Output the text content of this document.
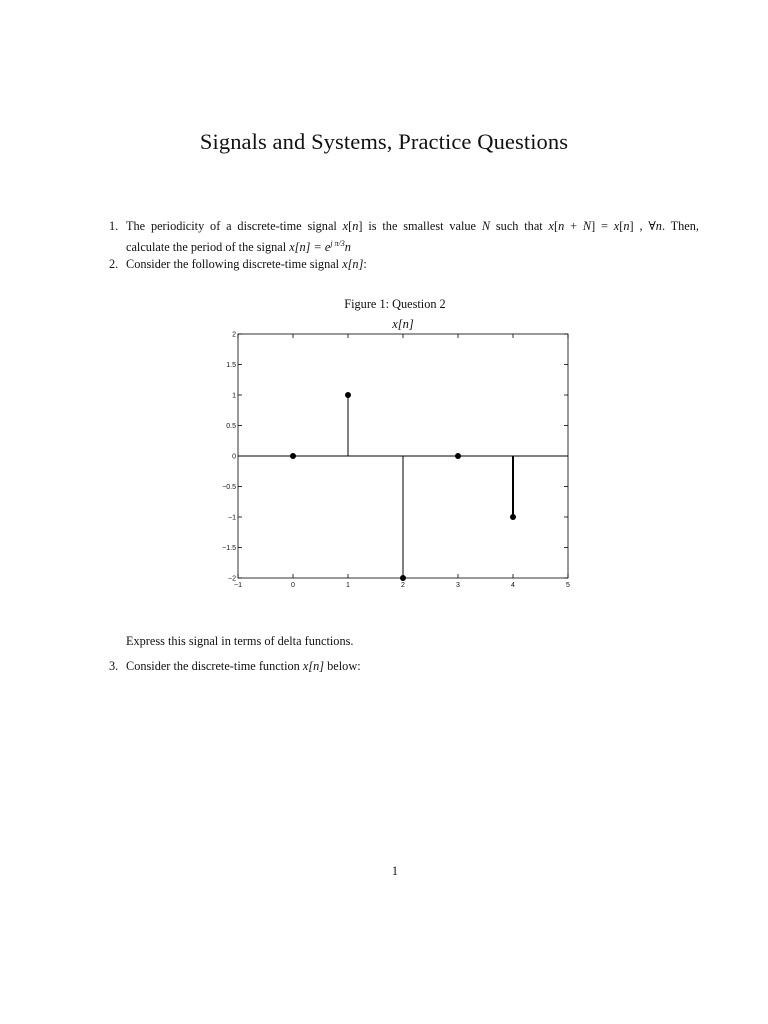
Signals and Systems, Practice Questions
1. The periodicity of a discrete-time signal x[n] is the smallest value N such that x[n + N] = x[n] , ∀n. Then,
calculate the period of the signal $x[n] = e^{j \pi/3}n$
2. Consider the following discrete-time signal x[n]:
Figure 1: Question 2
x[n]
−1	0	1	2	3	4	5
2
1.5
1
0.5
0
−0.5
−1
−1.5
−2
Express this signal in terms of delta functions.
3. Consider the discrete-time function x[n] below:
1
